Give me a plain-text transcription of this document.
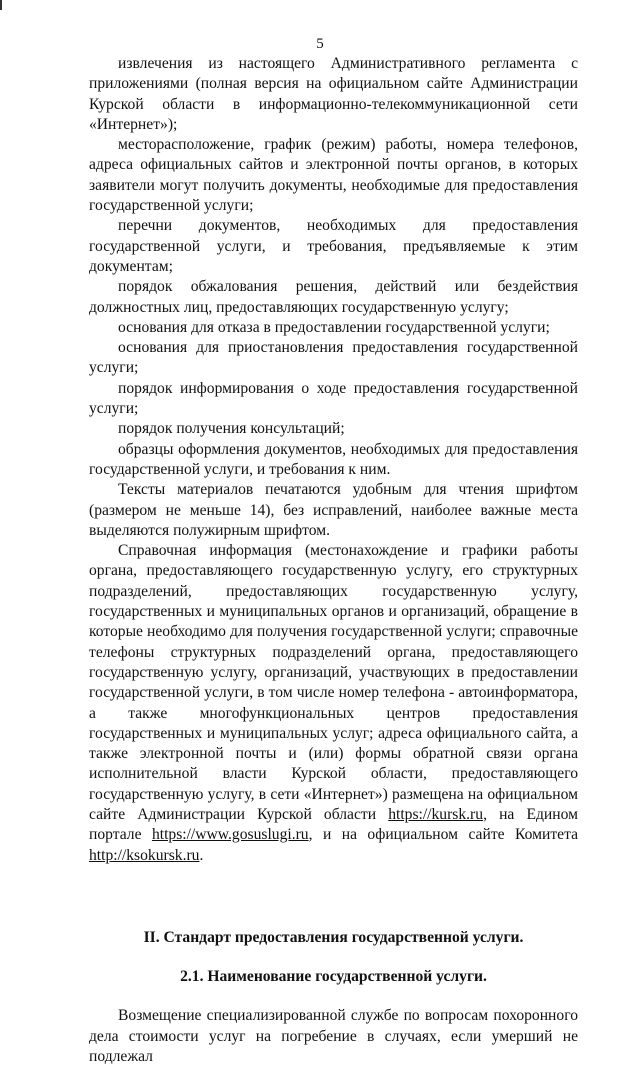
5

извлечения из настоящего Административного регламента с приложениями (полная версия на официальном сайте Администрации Курской области в информационно-телекоммуникационной сети «Интернет»);

месторасположение, график (режим) работы, номера телефонов, адреса официальных сайтов и электронной почты органов, в которых заявители могут получить документы, необходимые для предоставления государственной услуги;

перечни документов, необходимых для предоставления государственной услуги, и требования, предъявляемые к этим документам;

порядок обжалования решения, действий или бездействия должностных лиц, предоставляющих государственную услугу;

основания для отказа в предоставлении государственной услуги;

основания для приостановления предоставления государственной услуги;

порядок информирования о ходе предоставления государственной услуги;

порядок получения консультаций;

образцы оформления документов, необходимых для предоставления государственной услуги, и требования к ним.

Тексты материалов печатаются удобным для чтения шрифтом (размером не меньше 14), без исправлений, наиболее важные места выделяются полужирным шрифтом.

Справочная информация (местонахождение и графики работы органа, предоставляющего государственную услугу, его структурных подразделений, предоставляющих государственную услугу, государственных и муниципальных органов и организаций, обращение в которые необходимо для получения государственной услуги; справочные телефоны структурных подразделений органа, предоставляющего государственную услугу, организаций, участвующих в предоставлении государственной услуги, в том числе номер телефона - автоинформатора, а также многофункциональных центров предоставления государственных и муниципальных услуг; адреса официального сайта, а также электронной почты и (или) формы обратной связи органа исполнительной власти Курской области, предоставляющего государственную услугу, в сети «Интернет») размещена на официальном сайте Администрации Курской области https://kursk.ru, на Едином портале https://www.gosuslugi.ru, и на официальном сайте Комитета http://ksokursk.ru.

II. Стандарт предоставления государственной услуги.

2.1. Наименование государственной услуги.

Возмещение специализированной службе по вопросам похоронного дела стоимости услуг на погребение в случаях, если умерший не подлежал
